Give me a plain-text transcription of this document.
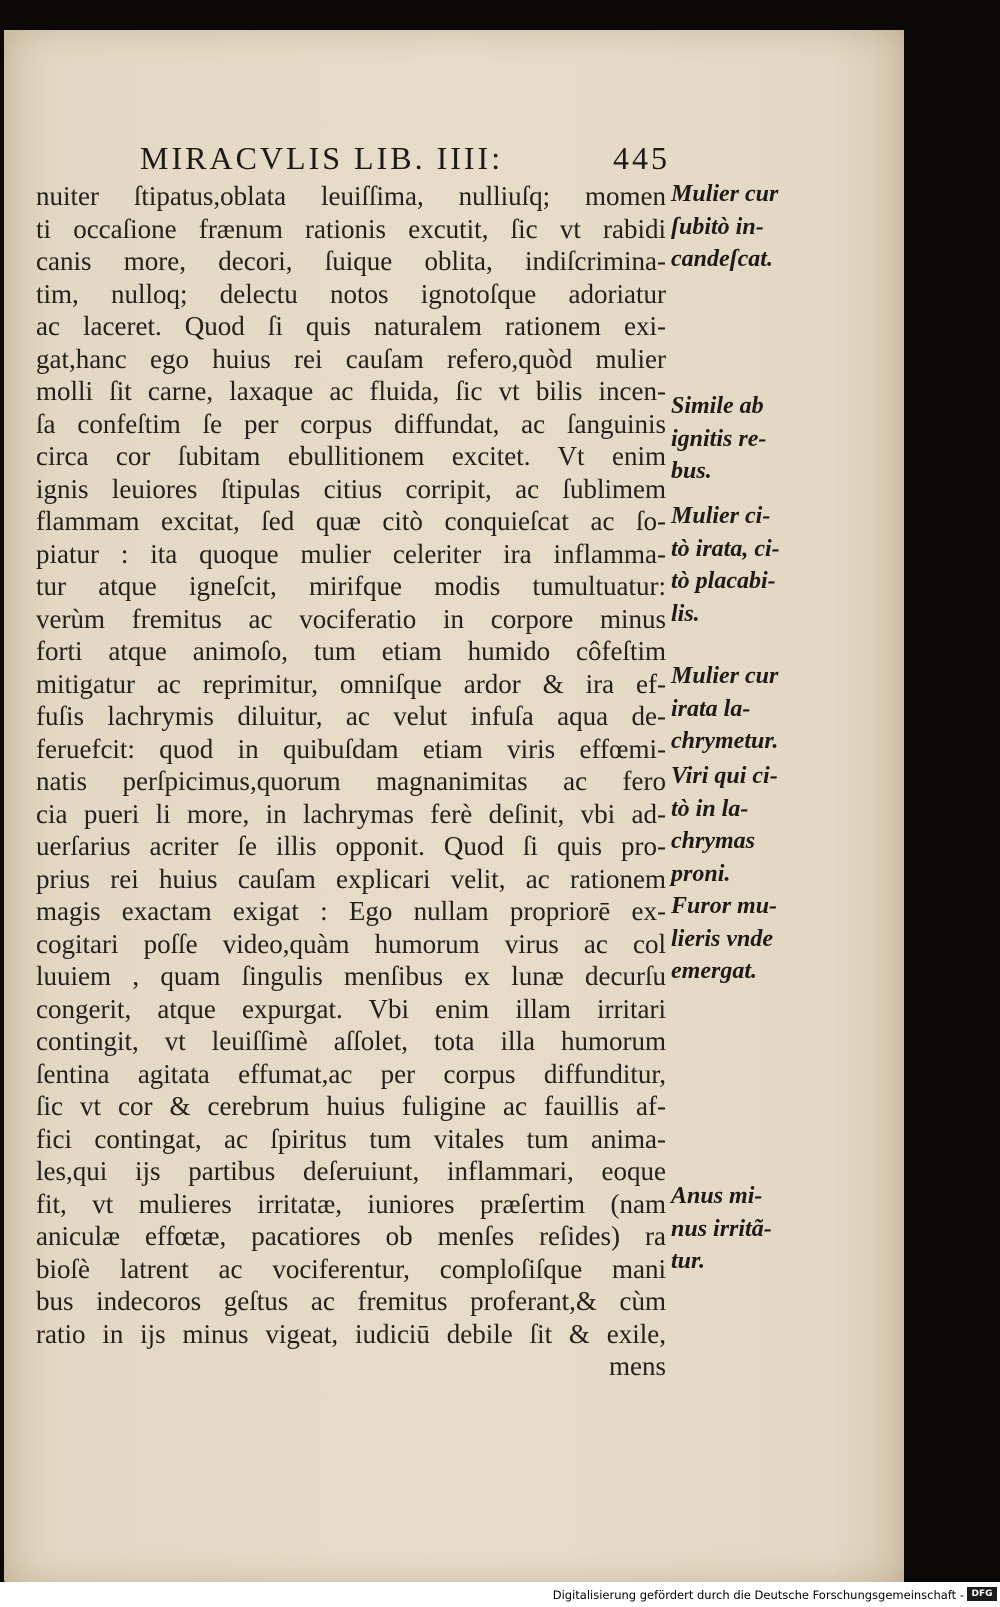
MIRACVLIS LIB. IIII:	445
nuiter ſtipatus,oblata leuiſſima, nulliuſq; momen
ti occaſione frænum rationis excutit, ſic vt rabidi
canis more, decori, ſuique oblita, indiſcrimina-
tim, nulloq; delectu notos ignotoſque adoriatur
ac laceret. Quod ſi quis naturalem rationem exi-
gat,hanc ego huius rei cauſam refero,quòd mulier
molli ſit carne, laxaque ac fluida, ſic vt bilis incen-
ſa confeſtim ſe per corpus diffundat, ac ſanguinis
circa cor ſubitam ebullitionem excitet. Vt enim
ignis leuiores ſtipulas citius corripit, ac ſublimem
flammam excitat, ſed quæ citò conquieſcat ac ſo-
piatur : ita quoque mulier celeriter ira inflamma-
tur atque igneſcit, mirifque modis tumultuatur:
verùm fremitus ac vociferatio in corpore minus
forti atque animoſo, tum etiam humido côfeſtim
mitigatur ac reprimitur, omniſque ardor & ira ef-
fuſis lachrymis diluitur, ac velut infuſa aqua de-
feruefcit: quod in quibuſdam etiam viris effœmi-
natis perſpicimus,quorum magnanimitas ac fero
cia pueri li more, in lachrymas ferè deſinit, vbi ad-
uerſarius acriter ſe illis opponit. Quod ſi quis pro-
prius rei huius cauſam explicari velit, ac rationem
magis exactam exigat : Ego nullam propriorē ex-
cogitari poſſe video,quàm humorum virus ac col
luuiem , quam ſingulis menſibus ex lunæ decurſu
congerit, atque expurgat. Vbi enim illam irritari
contingit, vt leuiſſimè aſſolet, tota illa humorum
ſentina agitata effumat,ac per corpus diffunditur,
ſic vt cor & cerebrum huius fuligine ac fauillis af-
fici contingat, ac ſpiritus tum vitales tum anima-
les,qui ijs partibus deſeruiunt, inflammari, eoque
fit, vt mulieres irritatæ, iuniores præſertim (nam
aniculæ effœtæ, pacatiores ob menſes reſides) ra
bioſè latrent ac vociferentur, comploſiſque mani
bus indecoros geſtus ac fremitus proferant,& cùm
ratio in ijs minus vigeat, iudiciū debile ſit & exile,
mens
Mulier cur
ſubitò in-
candeſcat.
Simile ab
ignitis re-
bus.
Mulier ci-
tò irata, ci-
tò placabi-
lis.
Mulier cur
irata la-
chrymetur.
Viri qui ci-
tò in la-
chrymas
proni.
Furor mu-
lieris vnde
emergat.
Anus mi-
nus irritã-
tur.
Digitalisierung gefördert durch die Deutsche Forschungsgemeinschaft - DFG
